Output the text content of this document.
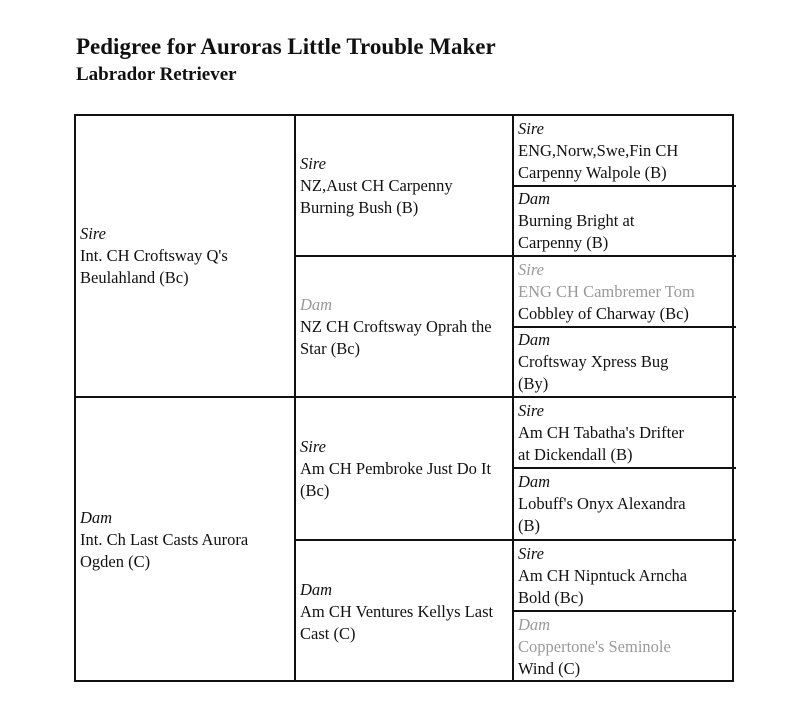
Pedigree for Auroras Little Trouble Maker
Labrador Retriever
Sire
Int. CH Croftsway Q's Beulahland (Bc)
Dam
Int. Ch Last Casts Aurora Ogden (C)
Sire
NZ,Aust CH Carpenny Burning Bush (B)
Dam
NZ CH Croftsway Oprah the Star (Bc)
Sire
Am CH Pembroke Just Do It (Bc)
Dam
Am CH Ventures Kellys Last Cast (C)
Sire
ENG,Norw,Swe,Fin CH
Carpenny Walpole (B)
Dam
Burning Bright at
Carpenny (B)
Sire
ENG CH Cambremer Tom
Cobbley of Charway (Bc)
Dam
Croftsway Xpress Bug
(By)
Sire
Am CH Tabatha's Drifter
at Dickendall (B)
Dam
Lobuff's Onyx Alexandra
(B)
Sire
Am CH Nipntuck Arncha
Bold (Bc)
Dam
Coppertone's Seminole
Wind (C)
